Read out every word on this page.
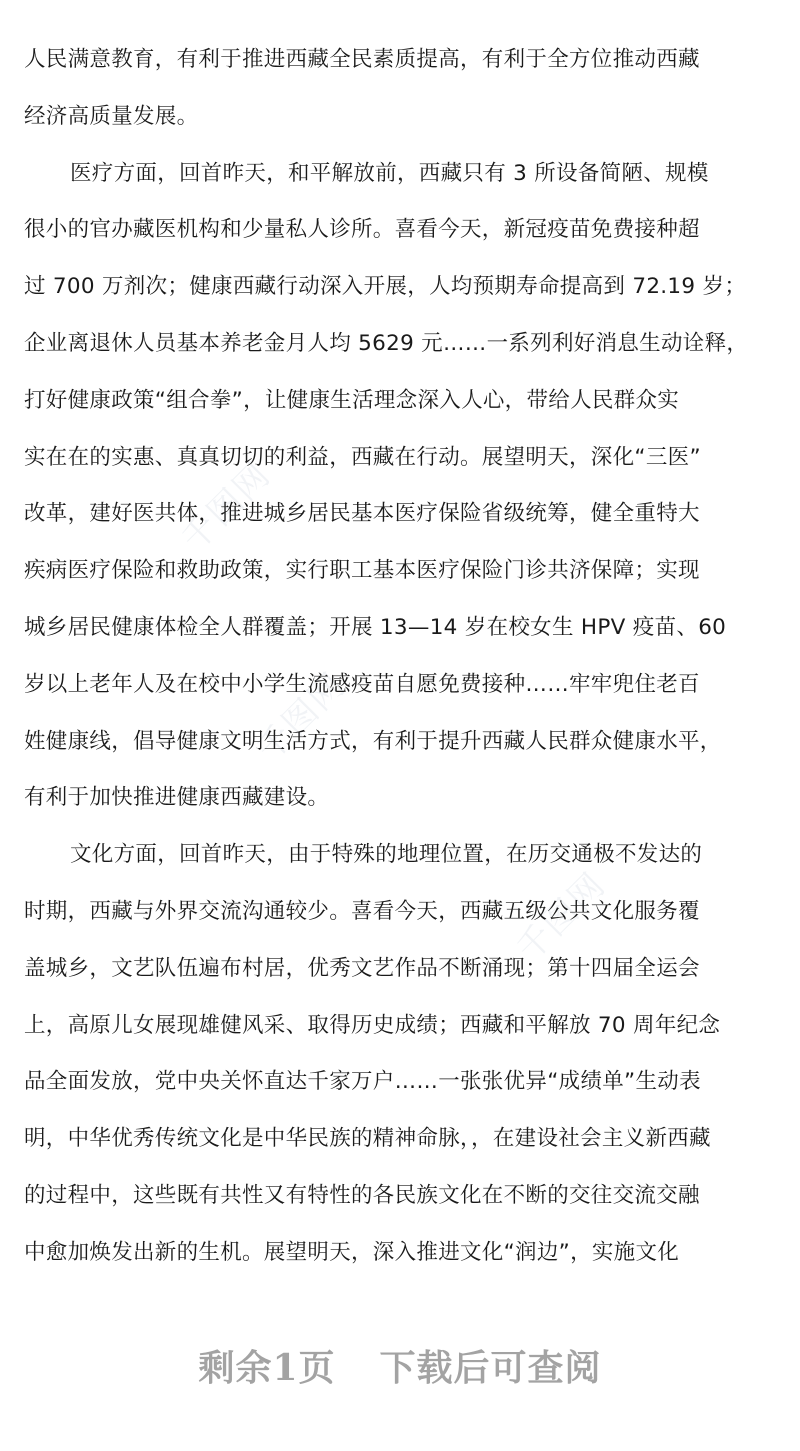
千图网
千图网
千图网
人民满意教育，有利于推进西藏全民素质提高，有利于全方位推动西藏
经济高质量发展。
医疗方面，回首昨天，和平解放前，西藏只有 3 所设备简陋、规模
很小的官办藏医机构和少量私人诊所。喜看今天，新冠疫苗免费接种超
过 700 万剂次；健康西藏行动深入开展，人均预期寿命提高到 72.19 岁；
企业离退休人员基本养老金月人均 5629 元……一系列利好消息生动诠释，
打好健康政策“组合拳”，让健康生活理念深入人心，带给人民群众实
实在在的实惠、真真切切的利益，西藏在行动。展望明天，深化“三医”
改革，建好医共体，推进城乡居民基本医疗保险省级统筹，健全重特大
疾病医疗保险和救助政策，实行职工基本医疗保险门诊共济保障；实现
城乡居民健康体检全人群覆盖；开展 13—14 岁在校女生 HPV 疫苗、60
岁以上老年人及在校中小学生流感疫苗自愿免费接种……牢牢兜住老百
姓健康线，倡导健康文明生活方式，有利于提升西藏人民群众健康水平，
有利于加快推进健康西藏建设。
文化方面，回首昨天，由于特殊的地理位置，在历交通极不发达的
时期，西藏与外界交流沟通较少。喜看今天，西藏五级公共文化服务覆
盖城乡，文艺队伍遍布村居，优秀文艺作品不断涌现；第十四届全运会
上，高原儿女展现雄健风采、取得历史成绩；西藏和平解放 70 周年纪念
品全面发放，党中央关怀直达千家万户……一张张优异“成绩单”生动表
明，中华优秀传统文化是中华民族的精神命脉，，在建设社会主义新西藏
的过程中，这些既有共性又有特性的各民族文化在不断的交往交流交融
中愈加焕发出新的生机。展望明天，深入推进文化“润边”，实施文化
剩余1页 下载后可查阅
